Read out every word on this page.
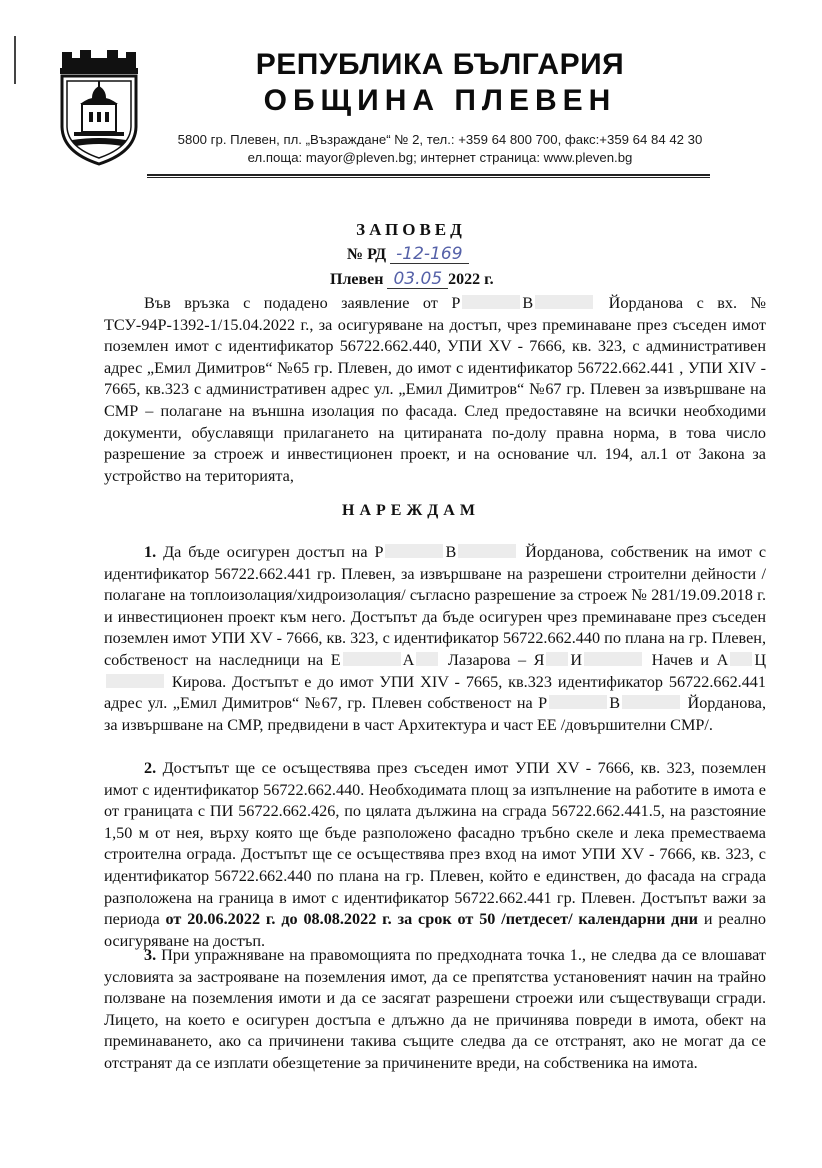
РЕПУБЛИКА БЪЛГАРИЯ
ОБЩИНА ПЛЕВЕН
5800 гр. Плевен, пл. „Възраждане“ № 2, тел.: +359 64 800 700, факс:+359 64 84 42 30
ел.поща: mayor@pleven.bg; интернет страница: www.pleven.bg
ЗАПОВЕД
№ РД -12-169
Плевен 03.05 2022 г.

Във връзка с подадено заявление от Р	В	Йорданова с вх. № ТСУ-94Р-1392-1/15.04.2022 г., за осигуряване на достъп, чрез преминаване през съседен имот поземлен имот с идентификатор 56722.662.440, УПИ XV - 7666, кв. 323, с административен адрес „Емил Димитров“ №65 гр. Плевен, до имот с идентификатор 56722.662.441 , УПИ XIV - 7665, кв.323 с административен адрес ул. „Емил Димитров“ №67 гр. Плевен за извършване на СМР – полагане на външна изолация по фасада. След предоставяне на всички необходими документи, обуславящи прилагането на цитираната по-долу правна норма, в това число разрешение за строеж и инвестиционен проект, и на основание чл. 194, ал.1 от Закона за устройство на територията,

НАРЕЖДАМ

1. Да бъде осигурен достъп на Р	В	Йорданова, собственик на имот с идентификатор 56722.662.441 гр. Плевен, за извършване на разрешени строителни дейности /полагане на топлоизолация/хидроизолация/ съгласно разрешение за строеж № 281/19.09.2018 г. и инвестиционен проект към него. Достъпът да бъде осигурен чрез преминаване през съседен поземлен имот УПИ XV - 7666, кв. 323, с идентификатор 56722.662.440 по плана на гр. Плевен, собственост на наследници на Е	А Лазарова – Я И	Начев и А Ц Кирова. Достъпът е до имот УПИ XIV - 7665, кв.323 идентификатор 56722.662.441 адрес ул. „Емил Димитров“ №67, гр. Плевен собственост на Р	В	Йорданова, за извършване на СМР, предвидени в част Архитектура и част ЕЕ /довършителни СМР/.

2. Достъпът ще се осъществява през съседен имот УПИ XV - 7666, кв. 323, поземлен имот с идентификатор 56722.662.440. Необходимата площ за изпълнение на работите в имота е от границата с ПИ 56722.662.426, по цялата дължина на сграда 56722.662.441.5, на разстояние 1,50 м от нея, върху която ще бъде разположено фасадно тръбно скеле и лека преместваема строителна ограда. Достъпът ще се осъществява през вход на имот УПИ XV - 7666, кв. 323, с идентификатор 56722.662.440 по плана на гр. Плевен, който е единствен, до фасада на сграда разположена на граница в имот с идентификатор 56722.662.441 гр. Плевен. Достъпът важи за периода от 20.06.2022 г. до 08.08.2022 г. за срок от 50 /петдесет/ календарни дни и реално осигуряване на достъп.

3. При упражняване на правомощията по предходната точка 1., не следва да се влошават условията за застрояване на поземления имот, да се препятства установеният начин на трайно ползване на поземления имоти и да се засягат разрешени строежи или съществуващи сгради. Лицето, на което е осигурен достъпа е длъжно да не причинява повреди в имота, обект на преминаването, ако са причинени такива същите следва да се отстранят, ако не могат да се отстранят да се изплати обезщетение за причинените вреди, на собственика на имота.
